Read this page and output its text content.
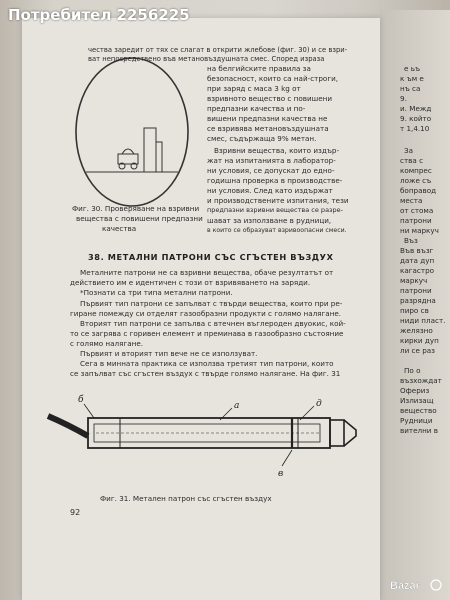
Фиг. 30. Проверяване на взривни
вещества с повишени предпазни
качества
чества заредит от тях се слагат в открити жлебове (фиг. 30) и се взри-
ват непосредствено във метановъздушната смес. Според израза
на белгийските правила за
безопасност, които са най-строги,
при заряд с маса 3 kg от
взривното вещество с повишени
предпазни качества и по-
вишени предпазни качества не
се взривява метановъздушната
смес, съдържаща 9% метан.
Взривни вещества, които издър-
жат на изпитанията в лаборатор-
ни условия, се допускат до едно-
годишна проверка в производстве-
ни условия. След като издържат
и производствените изпитания, тези
предпазни взривни вещества се разре-
шават за използване в рудници,
в които се образуват взривоопасни смеси.
38. МЕТАЛНИ ПАТРОНИ СЪС СГЪСТЕН ВЪЗДУХ
Металните патрони не са взривни вещества, обаче резултатът от
действието им е идентичен с този от взривяването на заряди.
*Познати са три типа метални патрони.
Първият тип патрони се запълват с твърди вещества, които при ре-
гиране помежду си отделят газообразни продукти с голямо налягане.
Вторият тип патрони се запълва с втечнен въглероден двуокис, кой-
то се загрява с горивен елемент и преминава в газообразно състояние
с голямо налягане.
Първият и вторият тип вече не се използуват.
Сега в минната практика се използва третият тип патрони, които
се запълват със сгъстен въздух с твърде голямо налягане. На фиг. 31
б
а	д
в
Фиг. 31. Метален патрон със сгъстен въздух
92
е ьъ
к ъм е
нъ са
9.
и. Межд
9. който
т 1,4.10
За
ства с
компрес
ложе съ
боправод
места
от стома
патрони
ни маркуч
Въз
Във възг
дата дуп
кагастро
маркуч
патрони
разрядна
пиро св
ниди пласт.
желязно
кирки дуп
ли се раз
По о
възхождат
Офериз
Излизащ
вещество
Рудници
вителни в
Потребител 2256225
Bazar
